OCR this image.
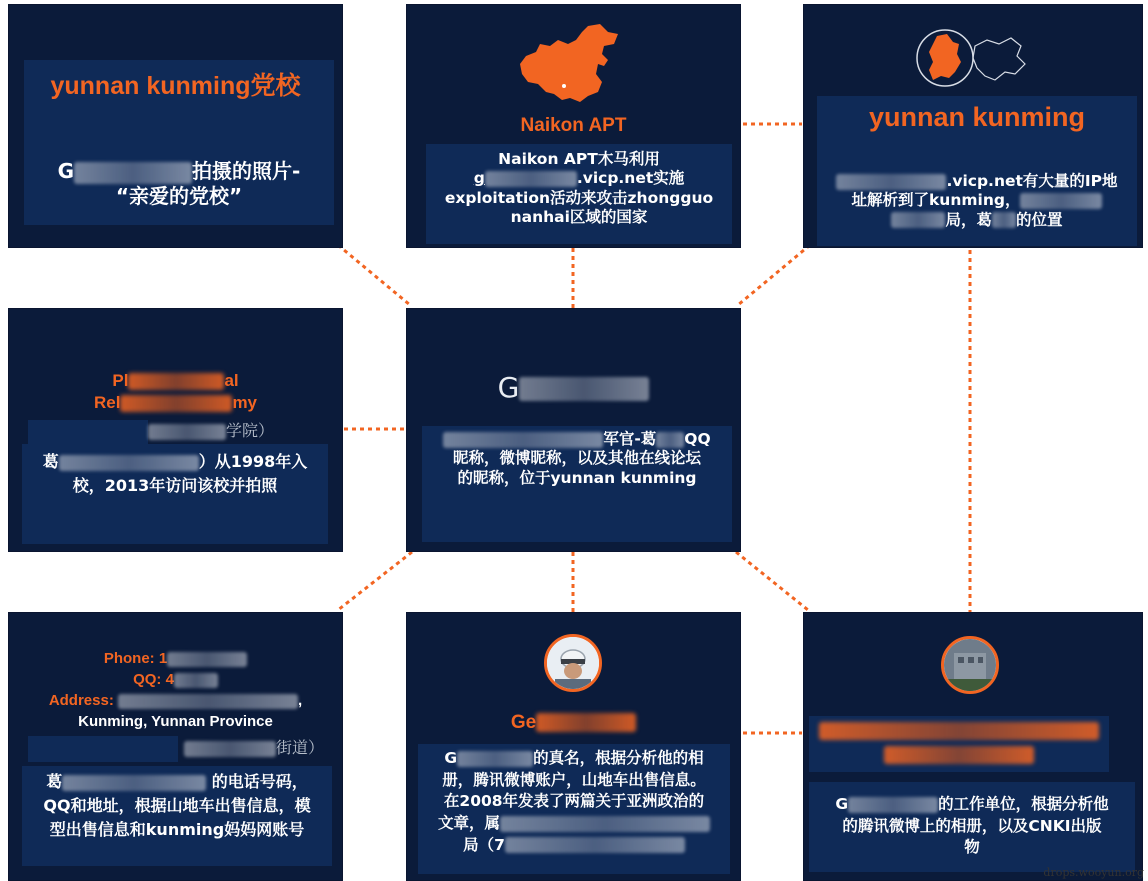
yunnan kunming党校
G	拍摄的照片-
“亲爱的党校”
Naikon APT
Naikon APT木马利用
g	.vicp.net实施
exploitation活动来攻击zhongguo
nanhai区域的国家
yunnan kunming
.vicp.net有大量的IP地
址解析到了kunming，
局，葛 的位置
Pl	al
Rel	my
学院）
葛	）从1998年入
校，2013年访问该校并拍照
G
军官-葛 QQ
昵称，微博昵称，以及其他在线论坛
的昵称，位于yunnan kunming
Phone: 1
QQ: 4
Address:	,
Kunming, Yunnan Province
街道）
葛	的电话号码，
QQ和地址，根据山地车出售信息，模
型出售信息和kunming妈妈网账号
Ge
G	的真名，根据分析他的相
册，腾讯微博账户，山地车出售信息。
在2008年发表了两篇关于亚洲政治的
文章，属
局（7

G	的工作单位，根据分析他
的腾讯微博上的相册，以及CNKI出版
物
drops.wooyun.org
